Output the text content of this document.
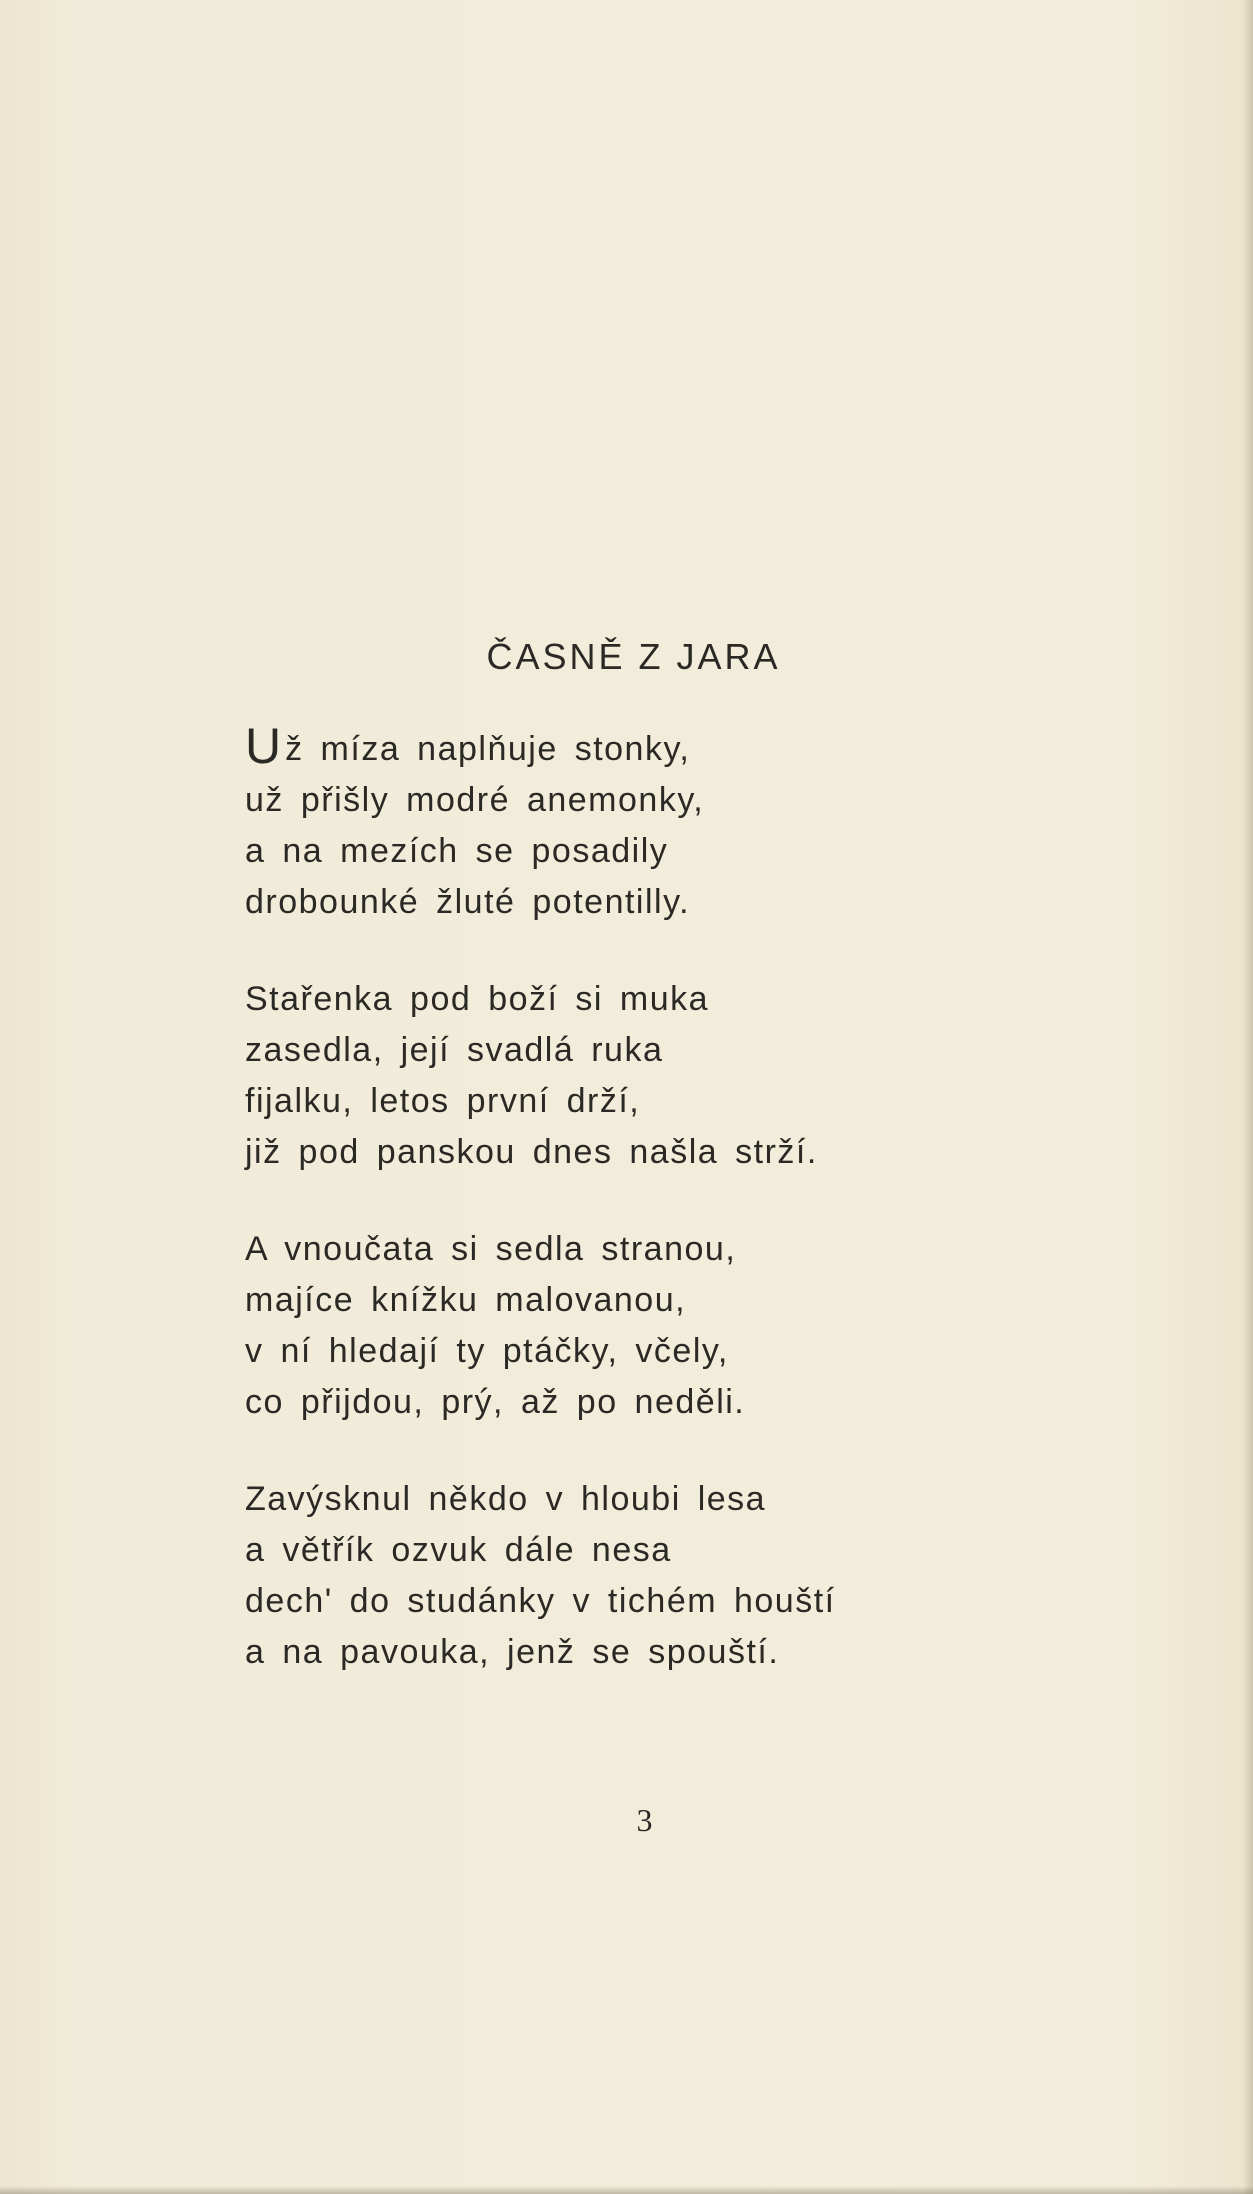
ČASNĚ Z JARA
U ž míza naplňuje stonky,
už přišly modré anemonky,
a na mezích se posadily
drobounké žluté potentilly.
Stařenka pod boží si muka
zasedla, její svadlá ruka
fijalku, letos první drží,
již pod panskou dnes našla strží.
A vnoučata si sedla stranou,
majíce knížku malovanou,
v ní hledají ty ptáčky, včely,
co přijdou, prý, až po neděli.
Zavýsknul někdo v hloubi lesa
a větřík ozvuk dále nesa
dech' do studánky v tichém houští
a na pavouka, jenž se spouští.
3
